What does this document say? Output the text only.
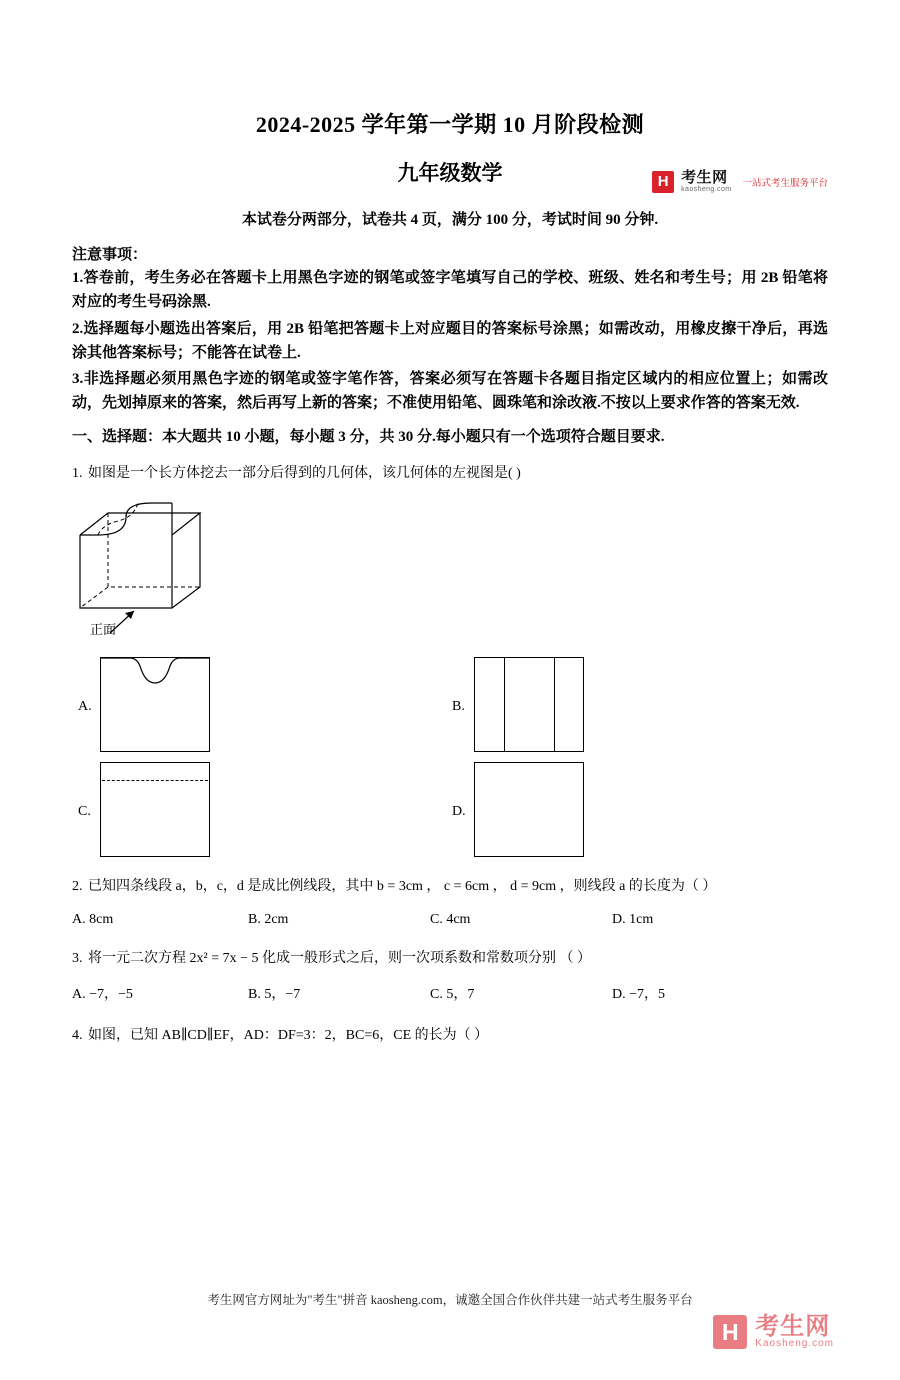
H 考生网
kaosheng.com
一站式考生服务平台
2024-2025 学年第一学期 10 月阶段检测
九年级数学
本试卷分两部分，试卷共 4 页，满分 100 分，考试时间 90 分钟.
注意事项：
1.答卷前，考生务必在答题卡上用黑色字迹的钢笔或签字笔填写自己的学校、班级、姓名和考生号；用 2B 铅笔将对应的考生号码涂黑.
2.选择题每小题选出答案后，用 2B 铅笔把答题卡上对应题目的答案标号涂黑；如需改动，用橡皮擦干净后，再选涂其他答案标号；不能答在试卷上.
3.非选择题必须用黑色字迹的钢笔或签字笔作答，答案必须写在答题卡各题目指定区域内的相应位置上；如需改动，先划掉原来的答案，然后再写上新的答案；不准使用铅笔、圆珠笔和涂改液.不按以上要求作答的答案无效.
一、选择题：本大题共 10 小题，每小题 3 分，共 30 分.每小题只有一个选项符合题目要求.
1. 如图是一个长方体挖去一部分后得到的几何体，该几何体的左视图是( )
正面
A.	B.
C.	D.
2. 已知四条线段 a，b，c，d 是成比例线段，其中 b = 3cm ， c = 6cm ， d = 9cm ，则线段 a 的长度为（ ）
A. 8cm	B. 2cm	C. 4cm	D. 1cm
3. 将一元二次方程 2x² = 7x − 5 化成一般形式之后，则一次项系数和常数项分别 （ ）
A. −7，−5	B. 5，−7	C. 5，7	D. −7，5
4. 如图，已知 AB∥CD∥EF，AD：DF=3：2，BC=6，CE 的长为（ ）
考生网官方网址为"考生"拼音 kaosheng.com，诚邀全国合作伙伴共建一站式考生服务平台
H 考生网
Kaosheng.com
